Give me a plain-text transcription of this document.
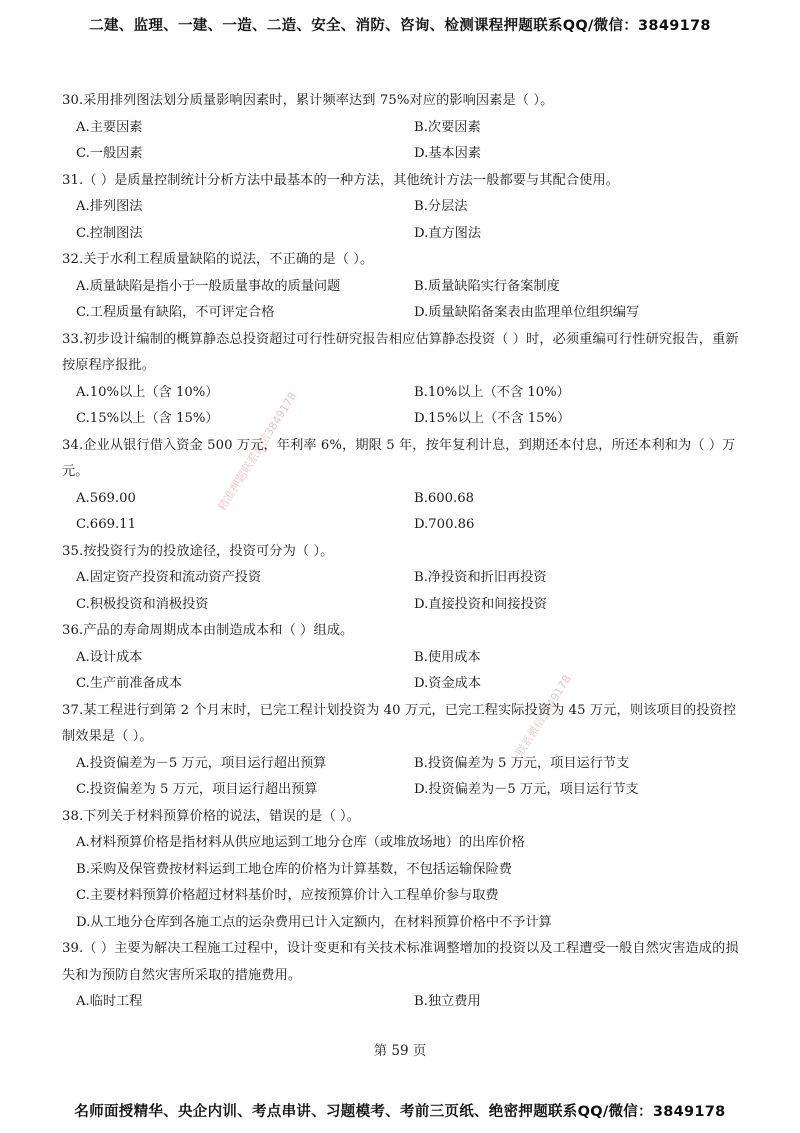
二建、监理、一建、一造、二造、安全、消防、咨询、检测课程押题联系QQ/微信：3849178
精准押题联系微信3849178
一联系微信3849178

30.采用排列图法划分质量影响因素时，累计频率达到 75%对应的影响因素是（ ）。

A.主要因素	B.次要因素
C.一般因素	D.基本因素

31.（ ）是质量控制统计分析方法中最基本的一种方法，其他统计方法一般都要与其配合使用。

A.排列图法	B.分层法
C.控制图法	D.直方图法

32.关于水利工程质量缺陷的说法，不正确的是（ ）。

A.质量缺陷是指小于一般质量事故的质量问题	B.质量缺陷实行备案制度
C.工程质量有缺陷，不可评定合格	D.质量缺陷备案表由监理单位组织编写

33.初步设计编制的概算静态总投资超过可行性研究报告相应估算静态投资（ ）时，必须重编可行性研究报告，重新按原程序报批。

A.10%以上（含 10%）	B.10%以上（不含 10%）
C.15%以上（含 15%）	D.15%以上（不含 15%）

34.企业从银行借入资金 500 万元，年利率 6%，期限 5 年，按年复利计息，到期还本付息，所还本利和为（ ）万元。

A.569.00	B.600.68
C.669.11	D.700.86

35.按投资行为的投放途径，投资可分为（ ）。

A.固定资产投资和流动资产投资	B.净投资和折旧再投资
C.积极投资和消极投资	D.直接投资和间接投资

36.产品的寿命周期成本由制造成本和（ ）组成。

A.设计成本	B.使用成本
C.生产前准备成本	D.资金成本

37.某工程进行到第 2 个月末时，已完工程计划投资为 40 万元，已完工程实际投资为 45 万元，则该项目的投资控制效果是（ ）。

A.投资偏差为－5 万元，项目运行超出预算	B.投资偏差为 5 万元，项目运行节支
C.投资偏差为 5 万元，项目运行超出预算	D.投资偏差为－5 万元，项目运行节支

38.下列关于材料预算价格的说法，错误的是（ ）。

A.材料预算价格是指材料从供应地运到工地分仓库（或堆放场地）的出库价格
B.采购及保管费按材料运到工地仓库的价格为计算基数，不包括运输保险费
C.主要材料预算价格超过材料基价时，应按预算价计入工程单价参与取费
D.从工地分仓库到各施工点的运杂费用已计入定额内，在材料预算价格中不予计算

39.（ ）主要为解决工程施工过程中，设计变更和有关技术标准调整增加的投资以及工程遭受一般自然灾害造成的损失和为预防自然灾害所采取的措施费用。

A.临时工程	B.独立费用
第 59 页
名师面授精华、央企内训、考点串讲、习题模考、考前三页纸、绝密押题联系QQ/微信：3849178
